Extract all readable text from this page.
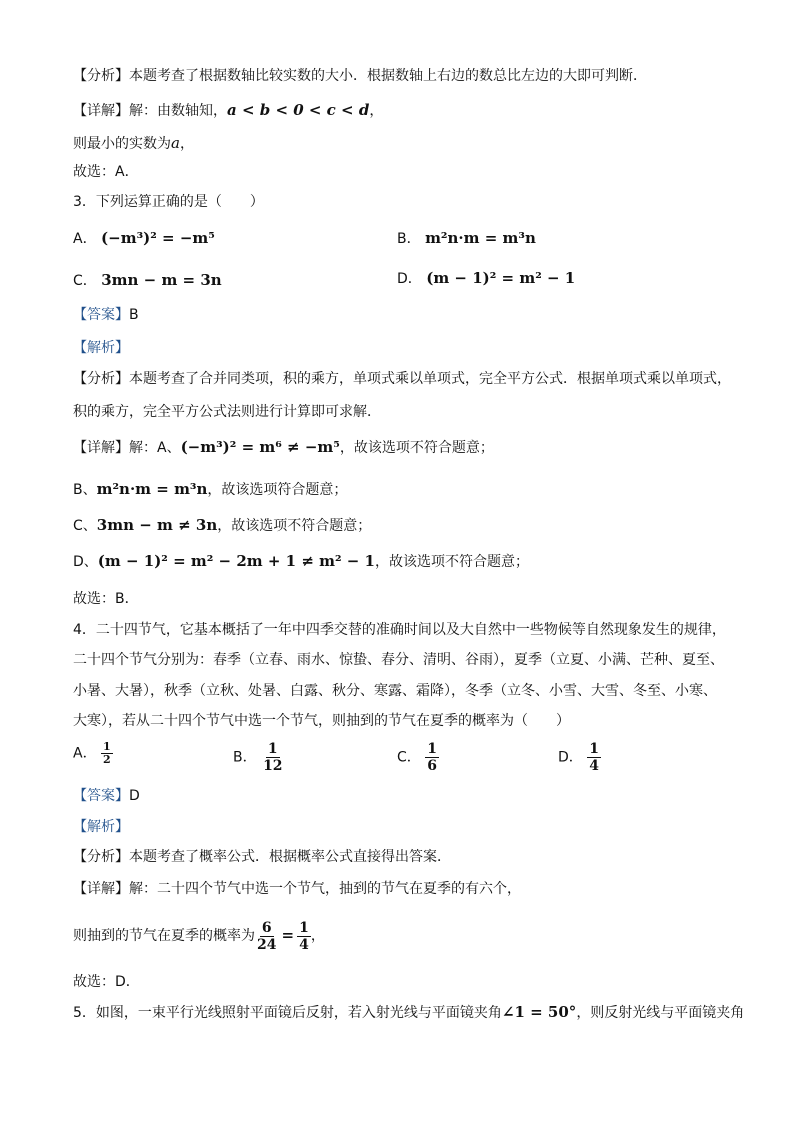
【分析】本题考查了根据数轴比较实数的大小．根据数轴上右边的数总比左边的大即可判断．
【详解】解：由数轴知，a < b < 0 < c < d，
则最小的实数为a，
故选：A．
3．下列运算正确的是（　　）
A． (−m³)² = −m⁵	B． m²n·m = m³n
C． 3mn − m = 3n	D． (m − 1)² = m² − 1
【答案】B
【解析】
【分析】本题考查了合并同类项，积的乘方，单项式乘以单项式，完全平方公式．根据单项式乘以单项式，
积的乘方，完全平方公式法则进行计算即可求解．
【详解】解：A、(−m³)² = m⁶ ≠ −m⁵，故该选项不符合题意；
B、m²n·m = m³n，故该选项符合题意；
C、3mn − m ≠ 3n，故该选项不符合题意；
D、(m − 1)² = m² − 2m + 1 ≠ m² − 1，故该选项不符合题意；
故选：B．
4．二十四节气，它基本概括了一年中四季交替的准确时间以及大自然中一些物候等自然现象发生的规律，
二十四个节气分别为：春季（立春、雨水、惊蛰、春分、清明、谷雨），夏季（立夏、小满、芒种、夏至、
小暑、大暑），秋季（立秋、处暑、白露、秋分、寒露、霜降），冬季（立冬、小雪、大雪、冬至、小寒、
大寒），若从二十四个节气中选一个节气，则抽到的节气在夏季的概率为（　　）
A． $\frac{1}{2}$	B． $\frac{1}{12}$	C． $\frac{1}{6}$	D． $\frac{1}{4}$
【答案】D
【解析】
【分析】本题考查了概率公式．根据概率公式直接得出答案．
【详解】解：二十四个节气中选一个节气，抽到的节气在夏季的有六个，
则抽到的节气在夏季的概率为 $\frac{6}{24} = \frac{1}{4}$ ，
故选：D．
5．如图，一束平行光线照射平面镜后反射，若入射光线与平面镜夹角∠1 = 50°，则反射光线与平面镜夹角
